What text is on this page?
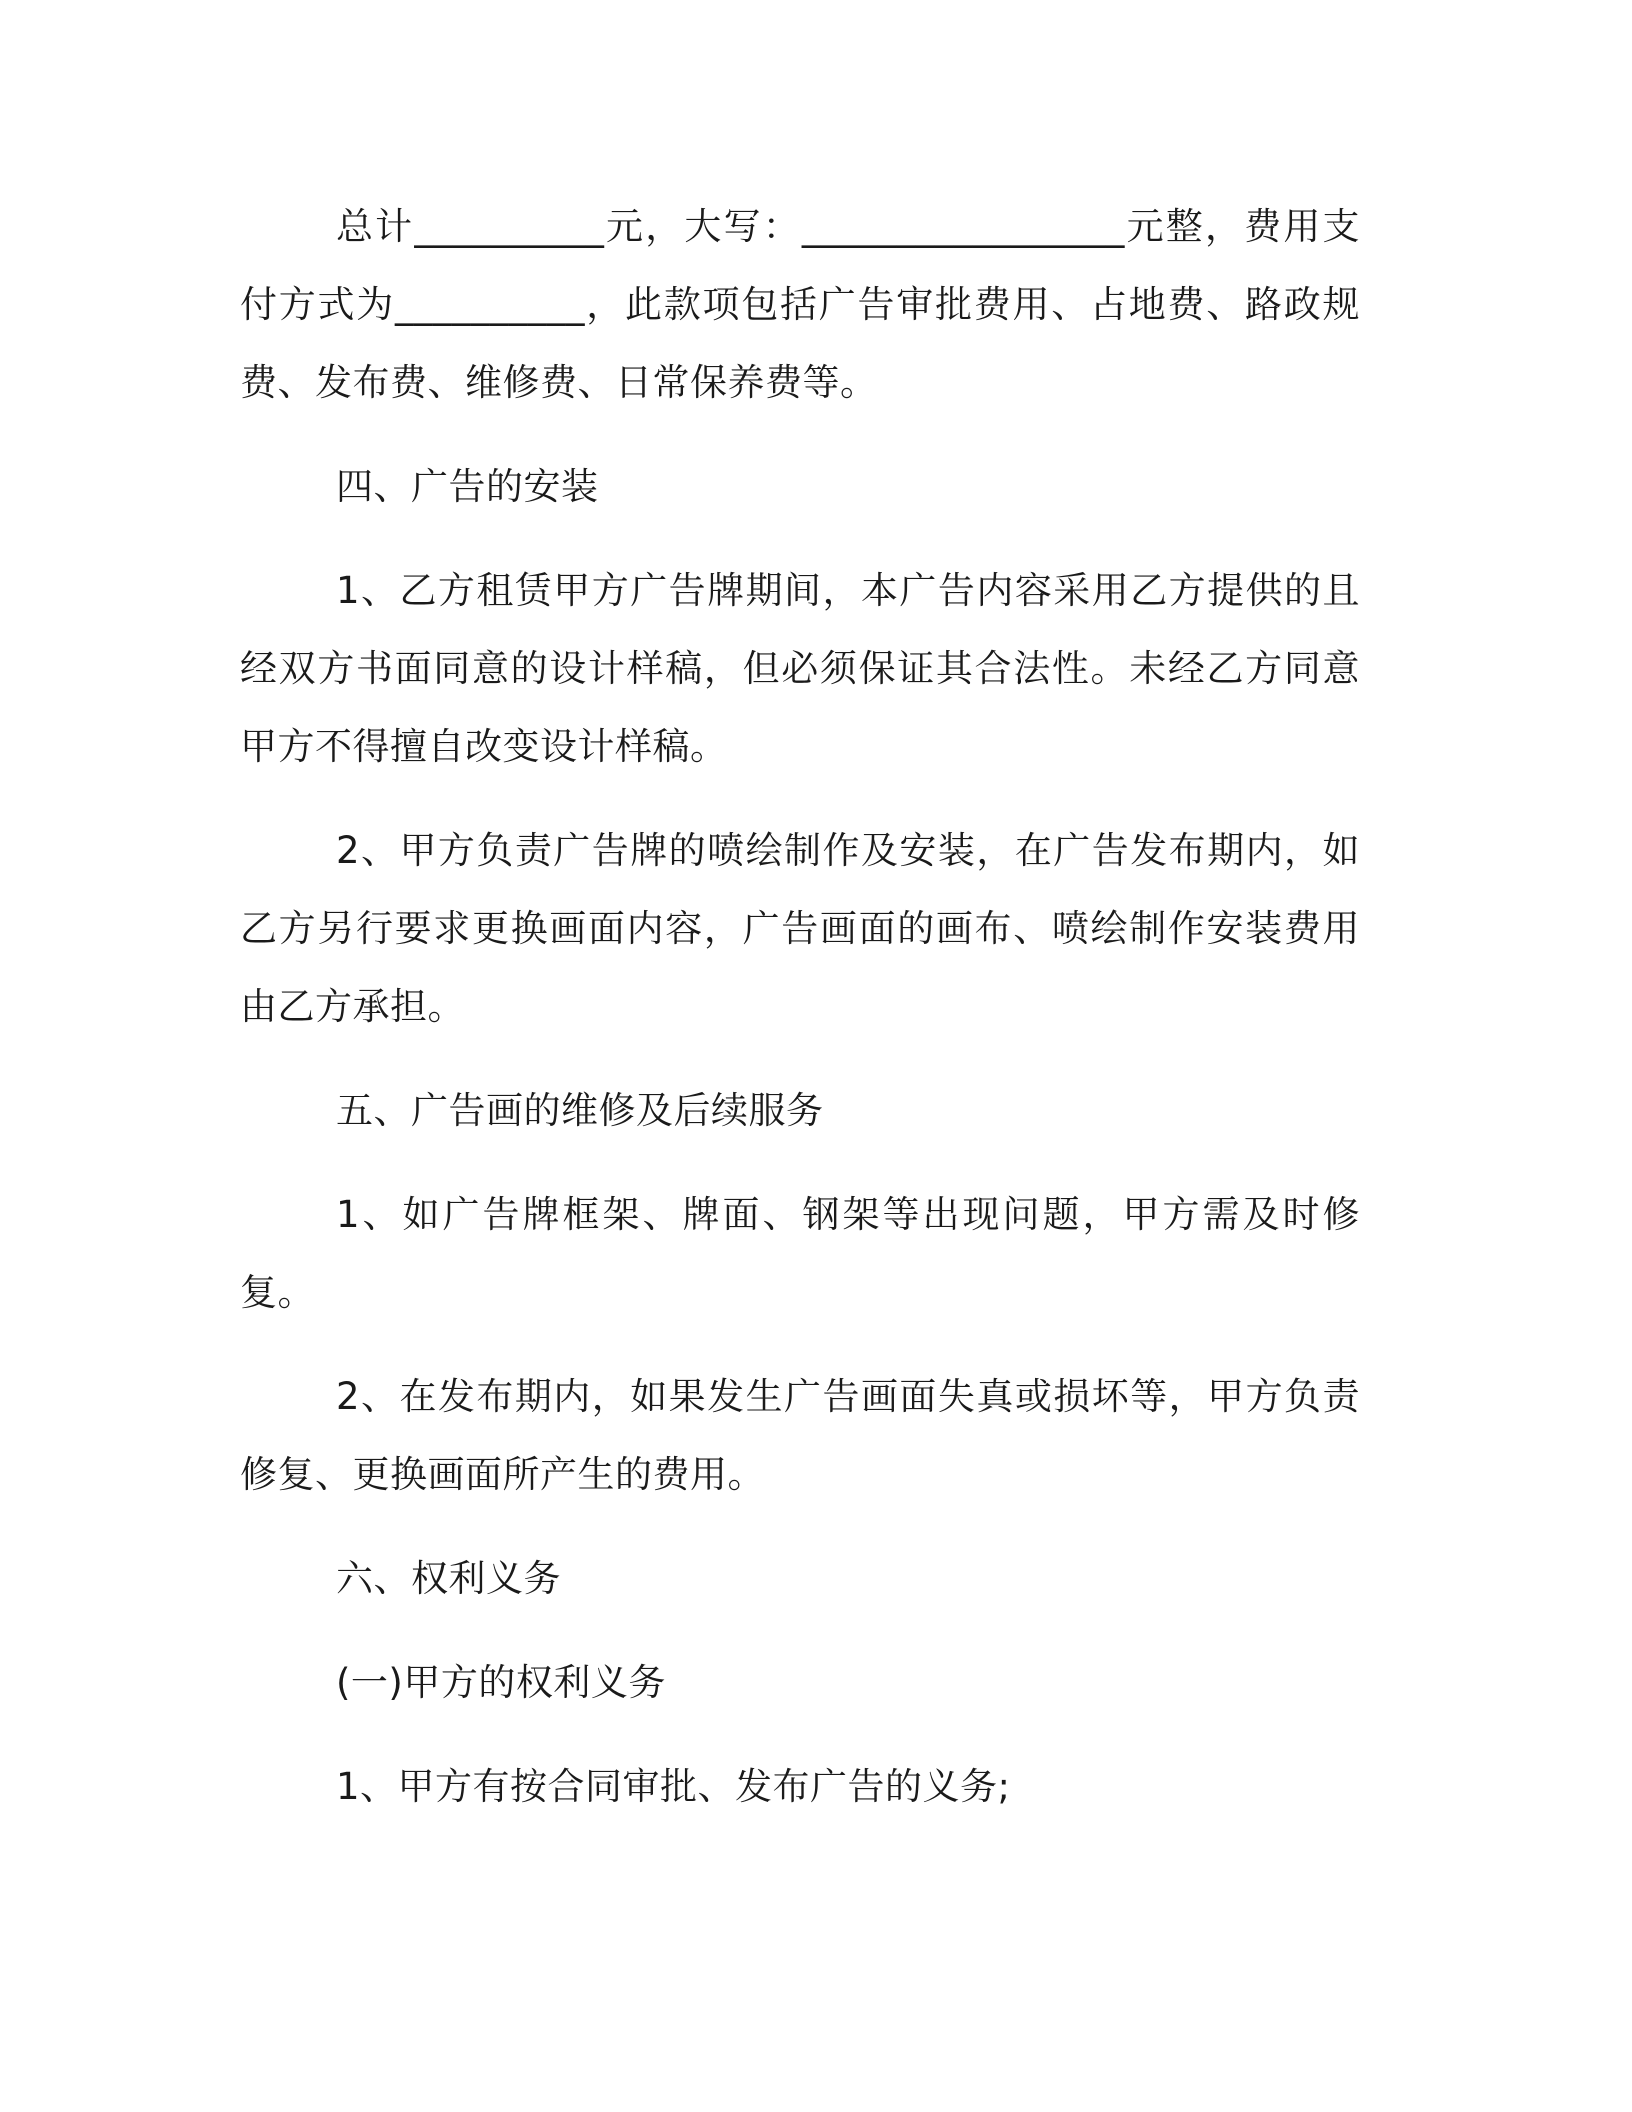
总计__________元，大写：_________________元整，费用支付方式为__________，此款项包括广告审批费用、占地费、路政规费、发布费、维修费、日常保养费等。

四、广告的安装

1、乙方租赁甲方广告牌期间，本广告内容采用乙方提供的且经双方书面同意的设计样稿，但必须保证其合法性。未经乙方同意甲方不得擅自改变设计样稿。

2、甲方负责广告牌的喷绘制作及安装，在广告发布期内，如乙方另行要求更换画面内容，广告画面的画布、喷绘制作安装费用由乙方承担。

五、广告画的维修及后续服务

1、如广告牌框架、牌面、钢架等出现问题，甲方需及时修复。

2、在发布期内，如果发生广告画面失真或损坏等，甲方负责修复、更换画面所产生的费用。

六、权利义务

(一)甲方的权利义务

1、甲方有按合同审批、发布广告的义务;
